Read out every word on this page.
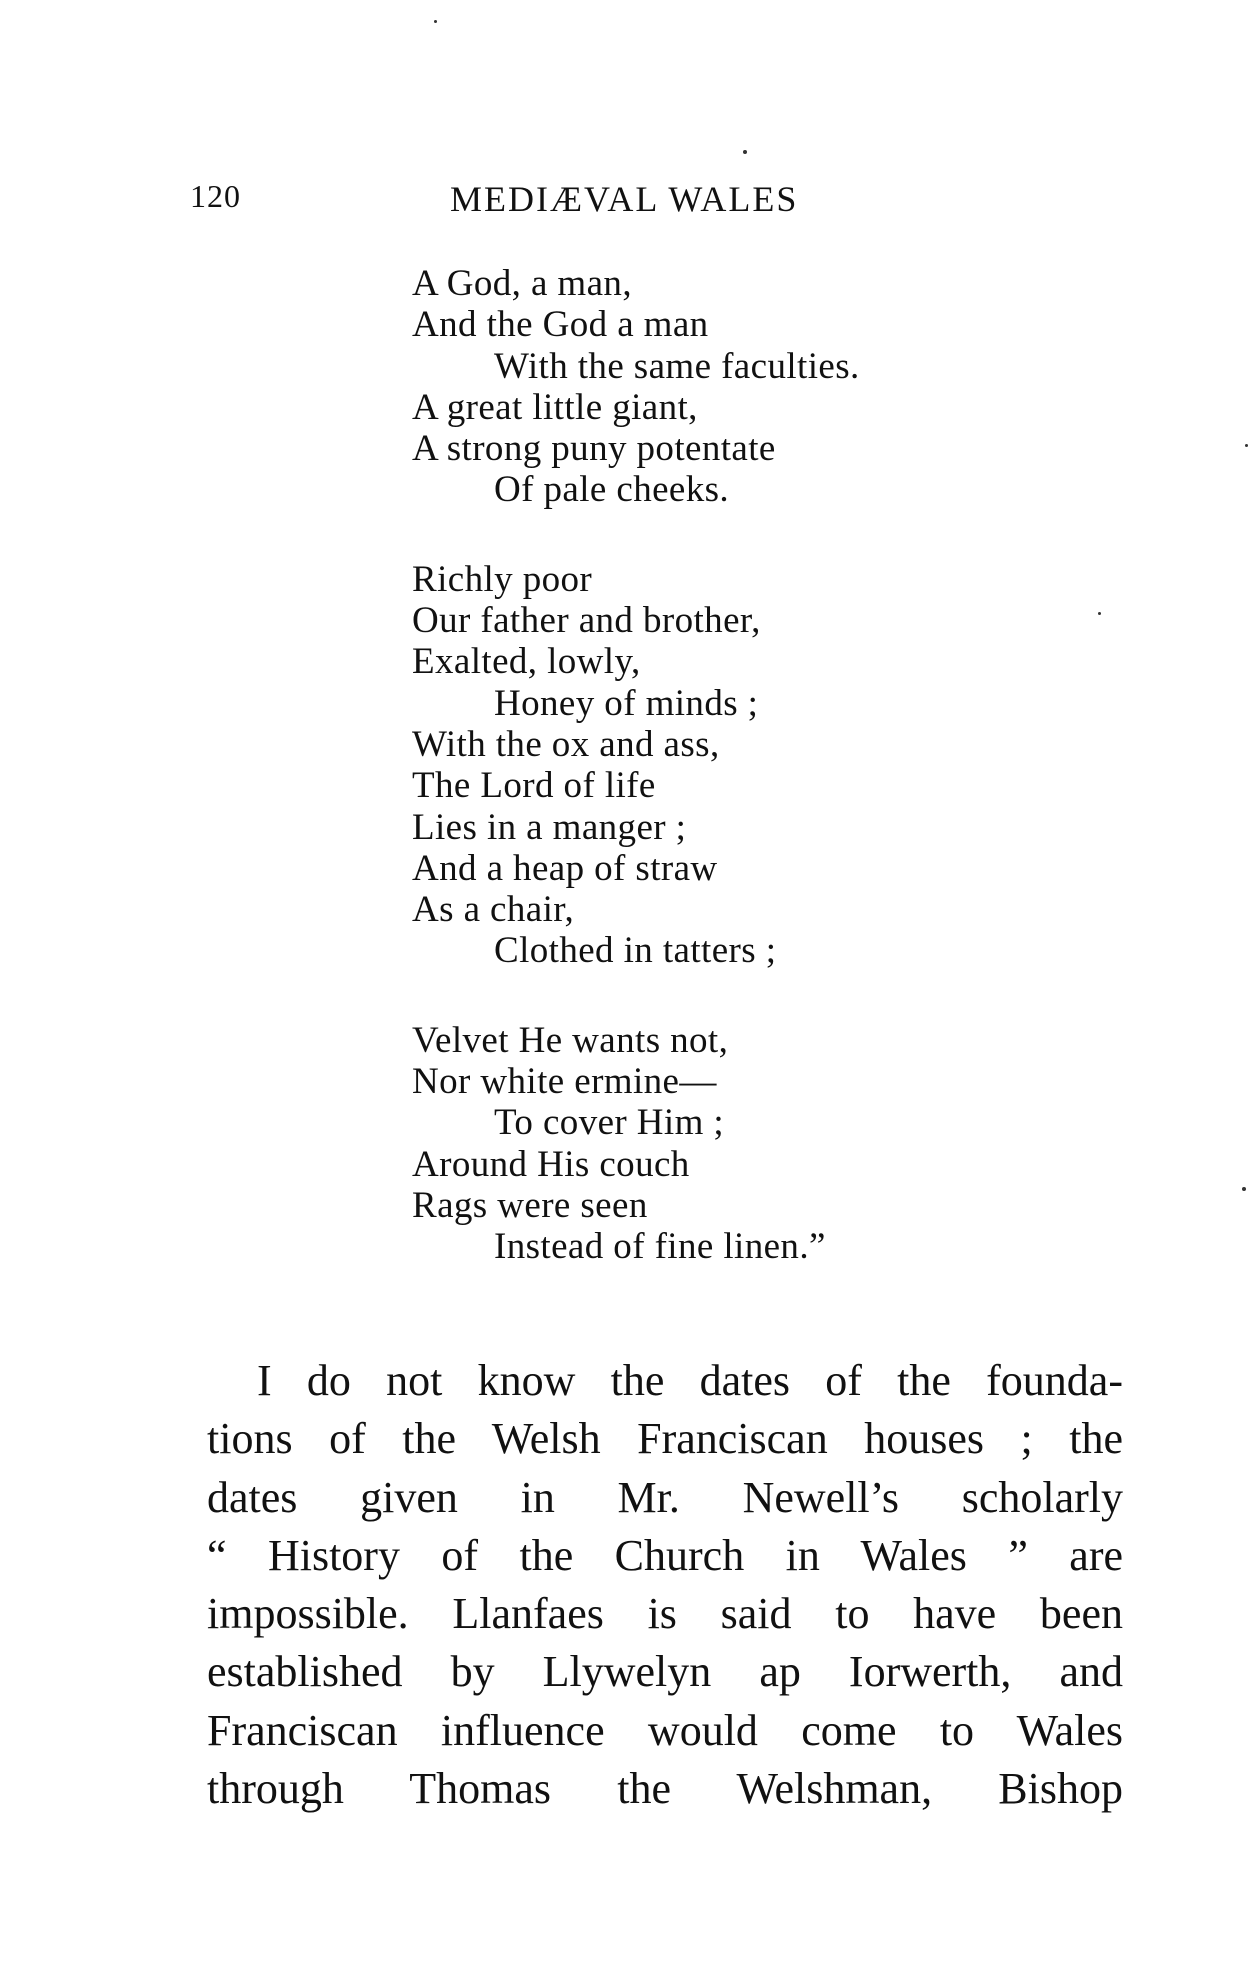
120	MEDIÆVAL WALES
A God, a man,
And the God a man
With the same faculties.
A great little giant,
A strong puny potentate
Of pale cheeks.
Richly poor
Our father and brother,
Exalted, lowly,
Honey of minds ;
With the ox and ass,
The Lord of life
Lies in a manger ;
And a heap of straw
As a chair,
Clothed in tatters ;
Velvet He wants not,
Nor white ermine—
To cover Him ;
Around His couch
Rags were seen
Instead of fine linen.”
I do not know the dates of the founda-
tions of the Welsh Franciscan houses ; the
dates given in Mr. Newell’s scholarly
“ History of the Church in Wales ” are
impossible. Llanfaes is said to have been
established by Llywelyn ap Iorwerth, and
Franciscan influence would come to Wales
through Thomas the Welshman, Bishop
